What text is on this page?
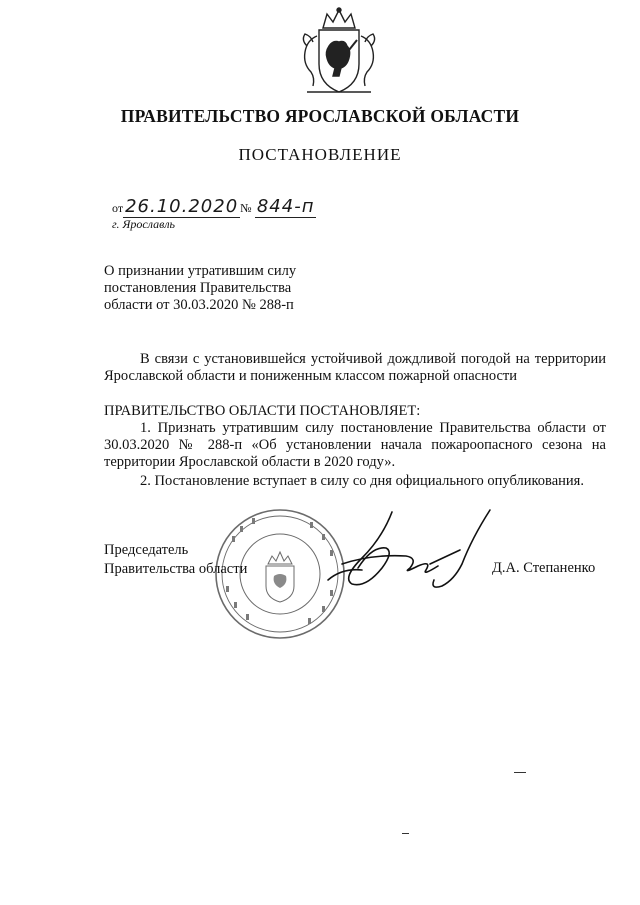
ПРАВИТЕЛЬСТВО ЯРОСЛАВСКОЙ ОБЛАСТИ
ПОСТАНОВЛЕНИЕ
от 26.10.2020 № 844-п
г. Ярославль
О признании утратившим силу постановления Правительства области от 30.03.2020 № 288-п
В связи с установившейся устойчивой дождливой погодой на территории Ярославской области и пониженным классом пожарной опасности
ПРАВИТЕЛЬСТВО ОБЛАСТИ ПОСТАНОВЛЯЕТ:
1. Признать утратившим силу постановление Правительства области от 30.03.2020 № 288-п «Об установлении начала пожароопасного сезона на территории Ярославской области в 2020 году».
2. Постановление вступает в силу со дня официального опубликования.
Председатель
Правительства области	Д.А. Степаненко
